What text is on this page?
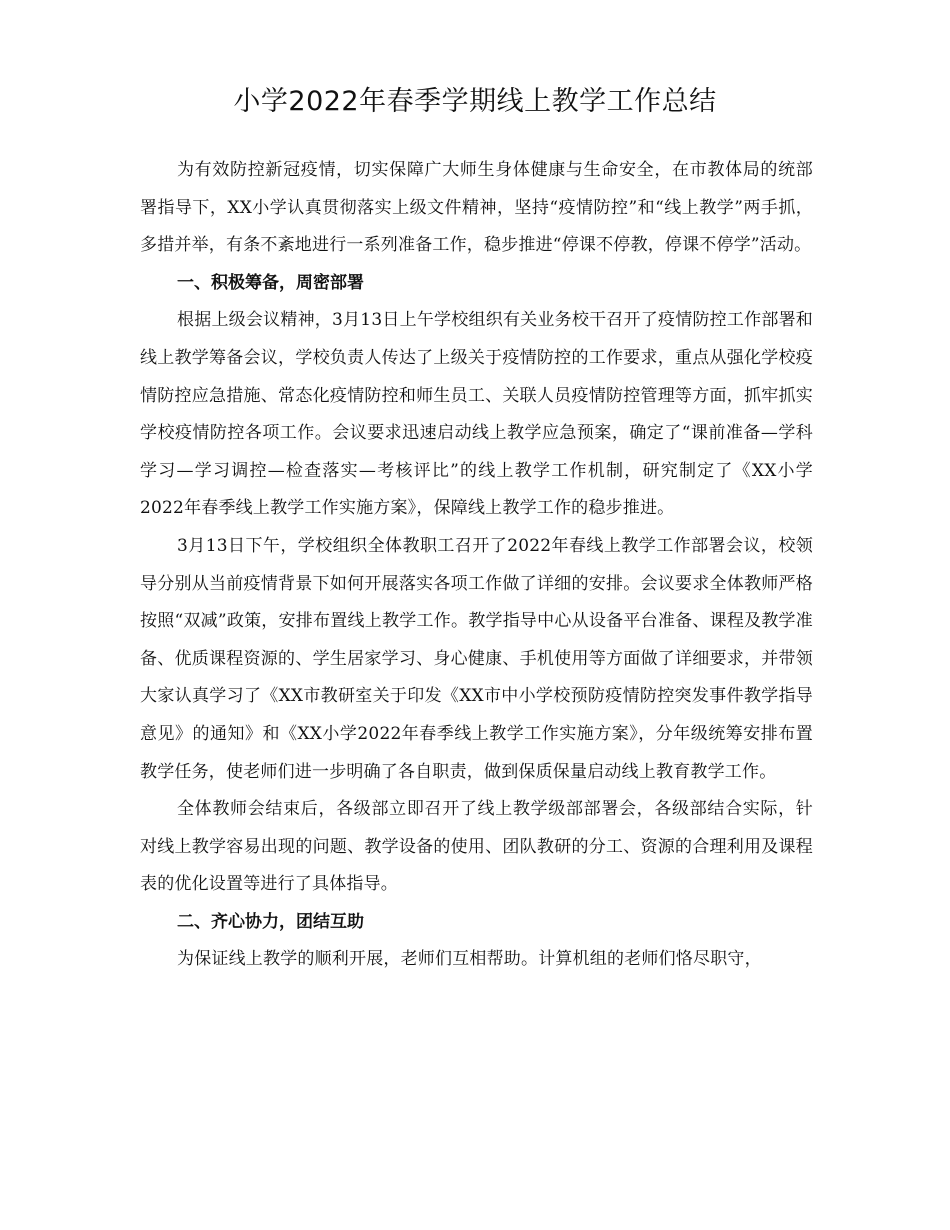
小学2022年春季学期线上教学工作总结

为有效防控新冠疫情，切实保障广大师生身体健康与生命安全，在市教体局的统部署指导下，XX小学认真贯彻落实上级文件精神，坚持“疫情防控”和“线上教学”两手抓，多措并举，有条不紊地进行一系列准备工作，稳步推进“停课不停教，停课不停学”活动。

一、积极筹备，周密部署

根据上级会议精神，3月13日上午学校组织有关业务校干召开了疫情防控工作部署和线上教学筹备会议，学校负责人传达了上级关于疫情防控的工作要求，重点从强化学校疫情防控应急措施、常态化疫情防控和师生员工、关联人员疫情防控管理等方面，抓牢抓实学校疫情防控各项工作。会议要求迅速启动线上教学应急预案，确定了“课前准备—学科学习—学习调控—检查落实—考核评比”的线上教学工作机制，研究制定了《XX小学2022年春季线上教学工作实施方案》，保障线上教学工作的稳步推进。

3月13日下午，学校组织全体教职工召开了2022年春线上教学工作部署会议，校领导分别从当前疫情背景下如何开展落实各项工作做了详细的安排。会议要求全体教师严格按照“双减”政策，安排布置线上教学工作。教学指导中心从设备平台准备、课程及教学准备、优质课程资源的、学生居家学习、身心健康、手机使用等方面做了详细要求，并带领大家认真学习了《XX市教研室关于印发《XX市中小学校预防疫情防控突发事件教学指导意见》的通知》和《XX小学2022年春季线上教学工作实施方案》，分年级统筹安排布置教学任务，使老师们进一步明确了各自职责，做到保质保量启动线上教育教学工作。

全体教师会结束后，各级部立即召开了线上教学级部部署会，各级部结合实际，针对线上教学容易出现的问题、教学设备的使用、团队教研的分工、资源的合理利用及课程表的优化设置等进行了具体指导。

二、齐心协力，团结互助

为保证线上教学的顺利开展，老师们互相帮助。计算机组的老师们恪尽职守，
